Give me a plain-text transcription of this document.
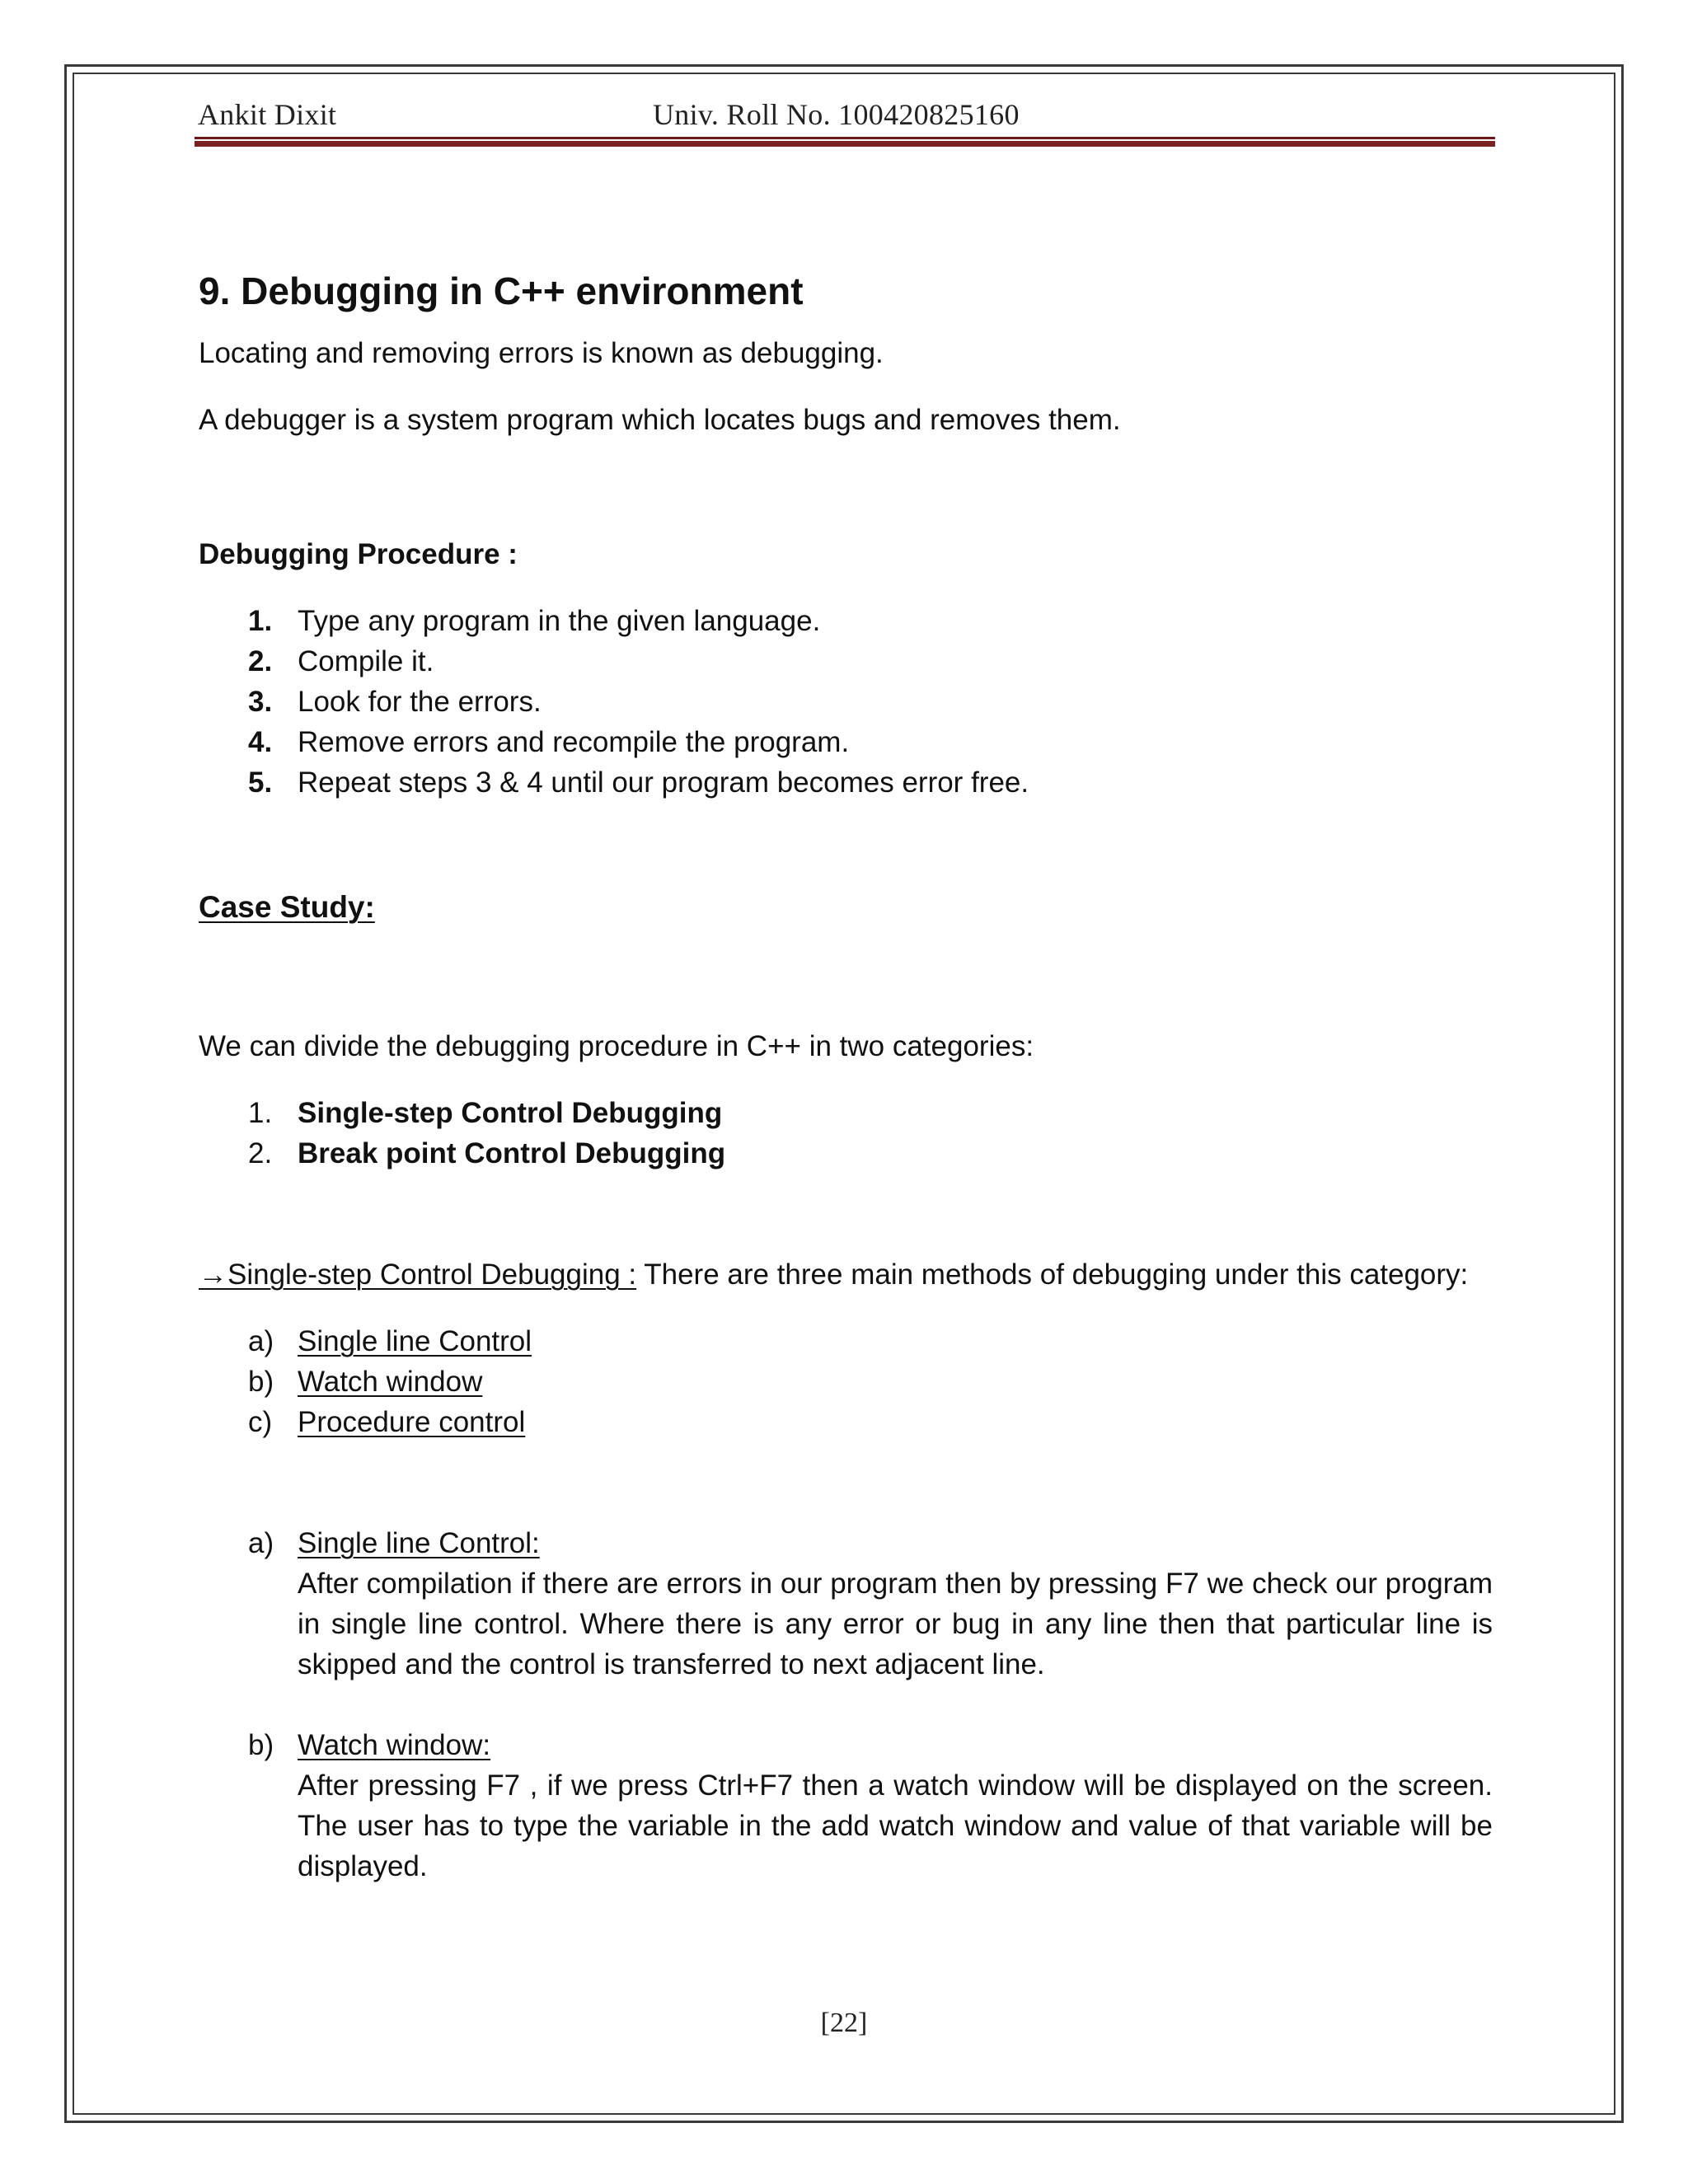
Ankit Dixit	Univ. Roll No. 100420825160
9. Debugging in C++ environment

Locating and removing errors is known as debugging.

A debugger is a system program which locates bugs and removes them.

Debugging Procedure :

1. Type any program in the given language.
2. Compile it.
3. Look for the errors.
4. Remove errors and recompile the program.
5. Repeat steps 3 & 4 until our program becomes error free.

Case Study:

We can divide the debugging procedure in C++ in two categories:

1. Single-step Control Debugging
2. Break point Control Debugging

→Single-step Control Debugging : There are three main methods of debugging under this category:

a) Single line Control
b) Watch window
c) Procedure control
a) Single line Control:
After compilation if there are errors in our program then by pressing F7 we check our program in single line control. Where there is any error or bug in any line then that particular line is skipped and the control is transferred to next adjacent line.
b) Watch window:
After pressing F7 , if we press Ctrl+F7 then a watch window will be displayed on the screen. The user has to type the variable in the add watch window and value of that variable will be displayed.
[22]
